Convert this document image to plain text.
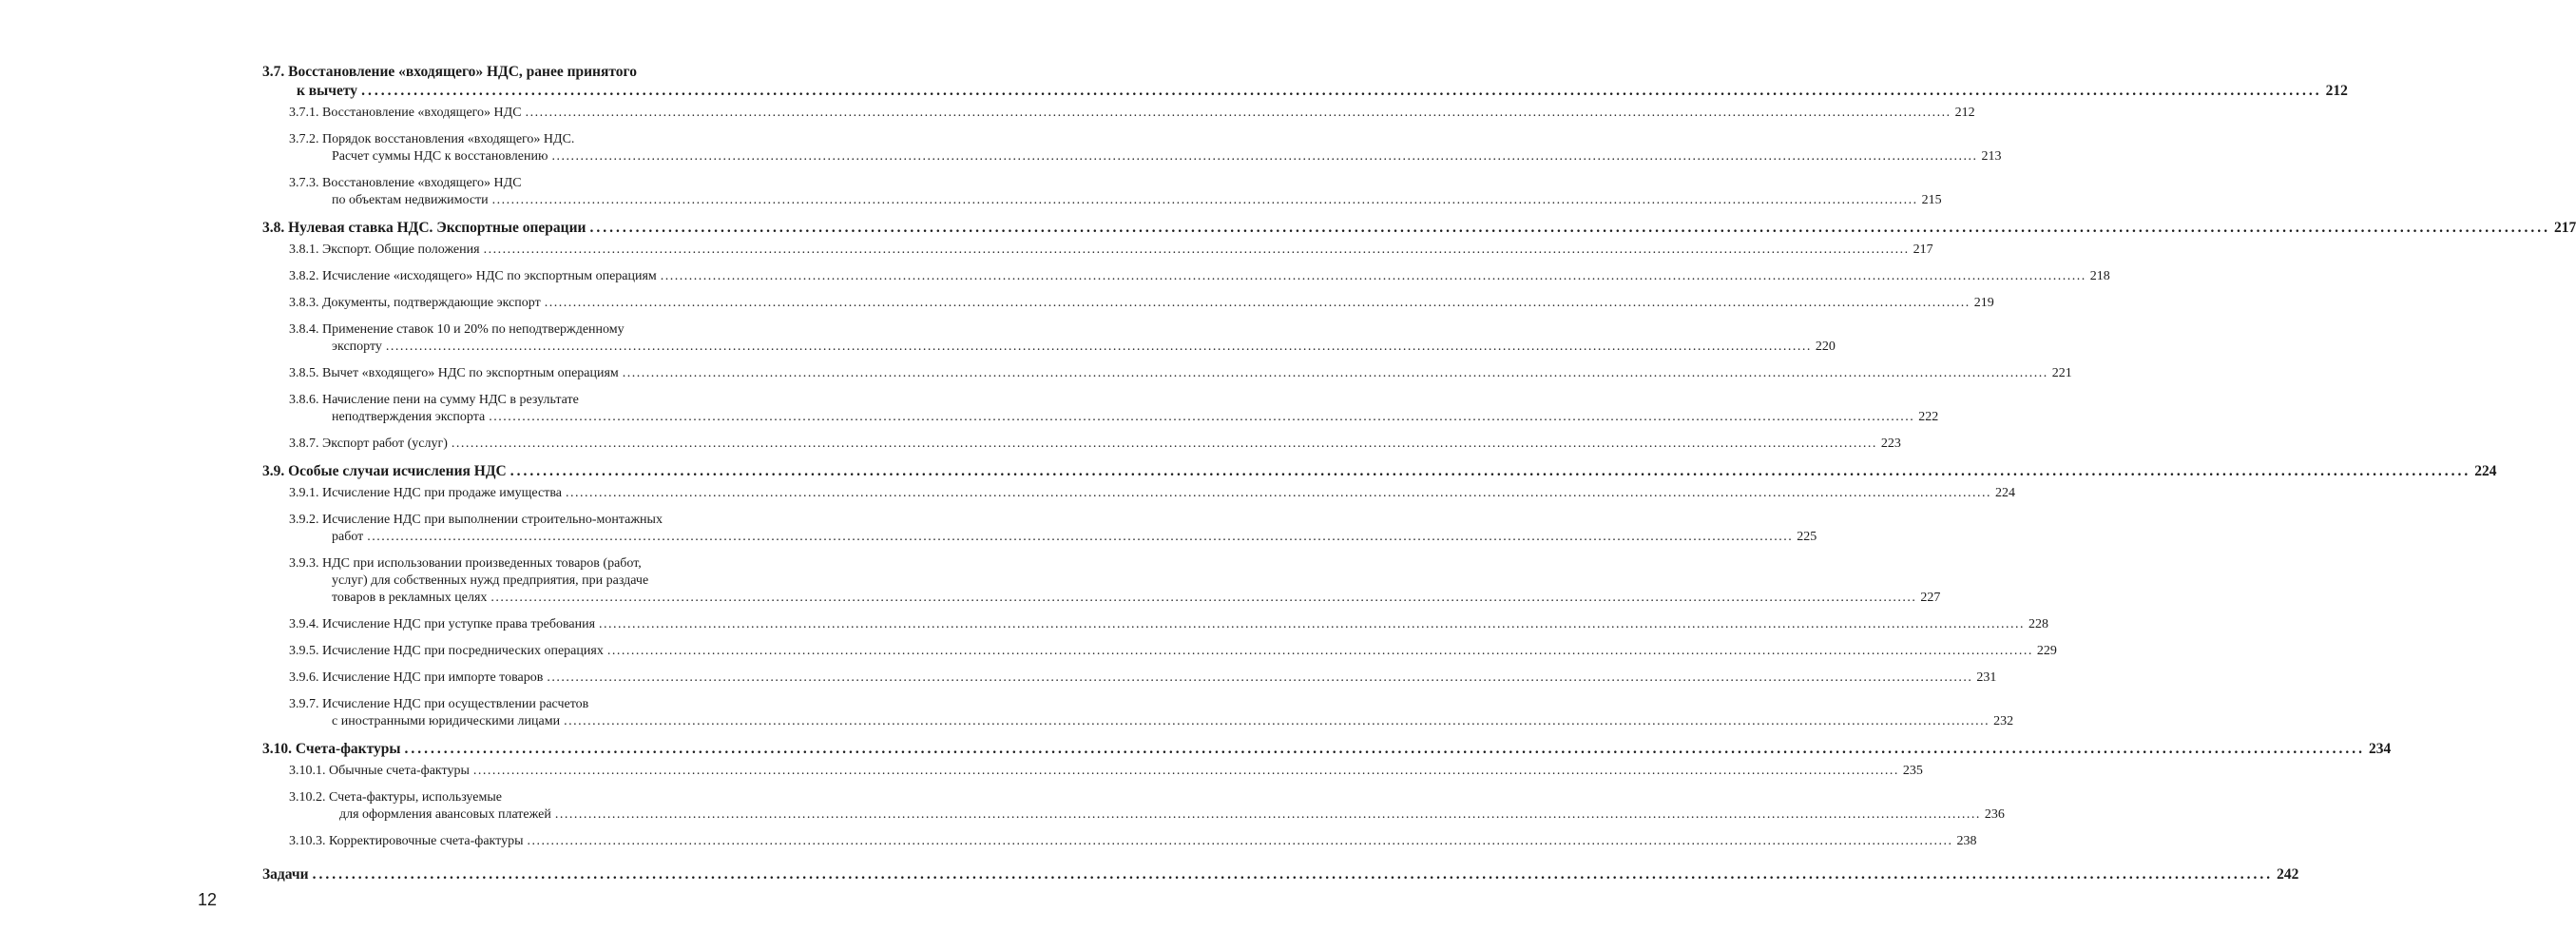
3.7. Восстановление «входящего» НДС, ранее принятого
к вычету ............................................................................................................................................................................................................................................................................................................ 212
3.7.1. Восстановление «входящего» НДС ............................................................................................................................................................................................................................................................................................................ 212
3.7.2. Порядок восстановления «входящего» НДС.
Расчет суммы НДС к восстановлению ............................................................................................................................................................................................................................................................................................................ 213
3.7.3. Восстановление «входящего» НДС
по объектам недвижимости ............................................................................................................................................................................................................................................................................................................ 215
3.8. Нулевая ставка НДС. Экспортные операции ............................................................................................................................................................................................................................................................................................................ 217
3.8.1. Экспорт. Общие положения ............................................................................................................................................................................................................................................................................................................ 217
3.8.2. Исчисление «исходящего» НДС по экспортным операциям ............................................................................................................................................................................................................................................................................................................ 218
3.8.3. Документы, подтверждающие экспорт ............................................................................................................................................................................................................................................................................................................ 219
3.8.4. Применение ставок 10 и 20% по неподтвержденному
экспорту ............................................................................................................................................................................................................................................................................................................ 220
3.8.5. Вычет «входящего» НДС по экспортным операциям ............................................................................................................................................................................................................................................................................................................ 221
3.8.6. Начисление пени на сумму НДС в результате
неподтверждения экспорта ............................................................................................................................................................................................................................................................................................................ 222
3.8.7. Экспорт работ (услуг) ............................................................................................................................................................................................................................................................................................................ 223
3.9. Особые случаи исчисления НДС ............................................................................................................................................................................................................................................................................................................ 224
3.9.1. Исчисление НДС при продаже имущества ............................................................................................................................................................................................................................................................................................................ 224
3.9.2. Исчисление НДС при выполнении строительно-монтажных
работ ............................................................................................................................................................................................................................................................................................................ 225
3.9.3. НДС при использовании произведенных товаров (работ,
услуг) для собственных нужд предприятия, при раздаче
товаров в рекламных целях ............................................................................................................................................................................................................................................................................................................ 227
3.9.4. Исчисление НДС при уступке права требования ............................................................................................................................................................................................................................................................................................................ 228
3.9.5. Исчисление НДС при посреднических операциях ............................................................................................................................................................................................................................................................................................................ 229
3.9.6. Исчисление НДС при импорте товаров ............................................................................................................................................................................................................................................................................................................ 231
3.9.7. Исчисление НДС при осуществлении расчетов
с иностранными юридическими лицами ............................................................................................................................................................................................................................................................................................................ 232
3.10. Счета-фактуры ............................................................................................................................................................................................................................................................................................................ 234
3.10.1. Обычные счета-фактуры ............................................................................................................................................................................................................................................................................................................ 235
3.10.2. Счета-фактуры, используемые
для оформления авансовых платежей ............................................................................................................................................................................................................................................................................................................ 236
3.10.3. Корректировочные счета-фактуры ............................................................................................................................................................................................................................................................................................................ 238
Задачи ............................................................................................................................................................................................................................................................................................................ 242
12
